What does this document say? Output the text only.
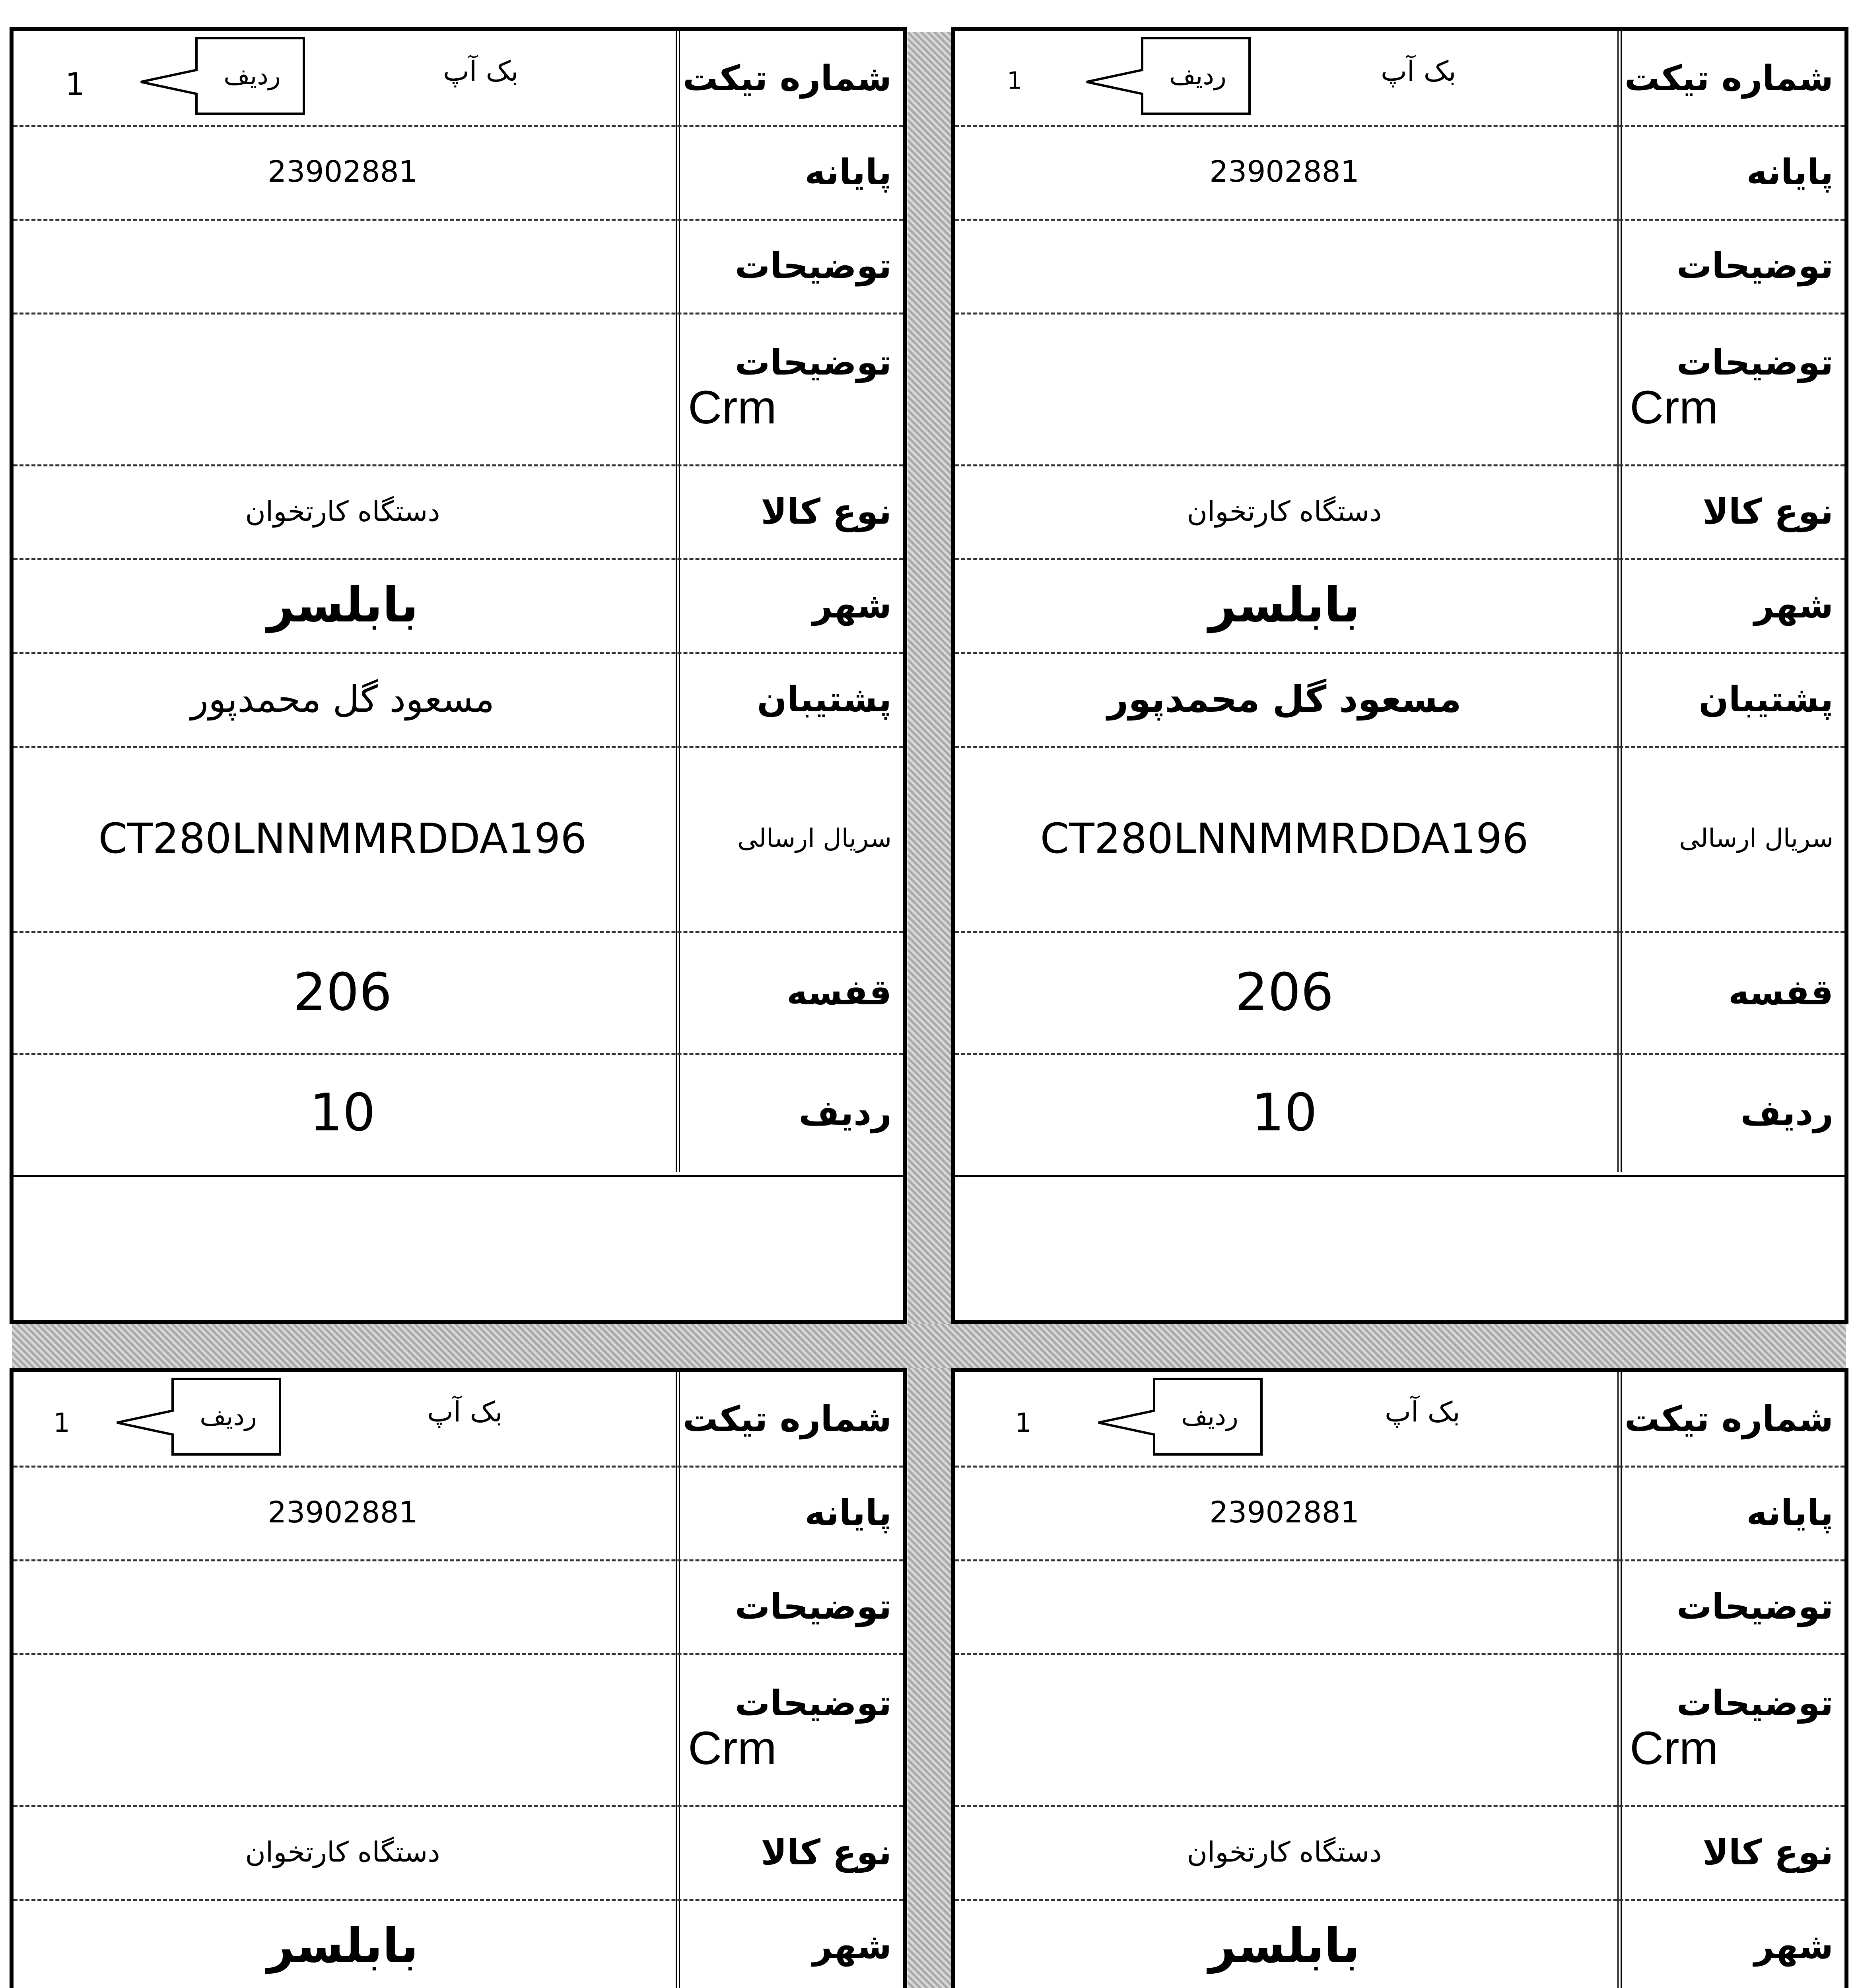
شماره تیکت
بک آپ
ردیف
1
پایانه
23902881
توضیحات
توضیحات
Crm
نوع کالا
دستگاه کارتخوان
شهر
بابلسر
پشتیبان
مسعود گل محمدپور
سریال ارسالی
CT280LNNMMRDDA196
قفسه
206
ردیف
10
شماره تیکت
بک آپ
ردیف
1
پایانه
23902881
توضیحات
توضیحات
Crm
نوع کالا
دستگاه کارتخوان
شهر
بابلسر
پشتیبان
مسعود گل محمدپور
سریال ارسالی
CT280LNNMMRDDA196
قفسه
206
ردیف
10
شماره تیکت
بک آپ
ردیف
1
پایانه
23902881
توضیحات
توضیحات
Crm
نوع کالا
دستگاه کارتخوان
شهر
بابلسر
شماره تیکت
بک آپ
ردیف
1
پایانه
23902881
توضیحات
توضیحات
Crm
نوع کالا
دستگاه کارتخوان
شهر
بابلسر
